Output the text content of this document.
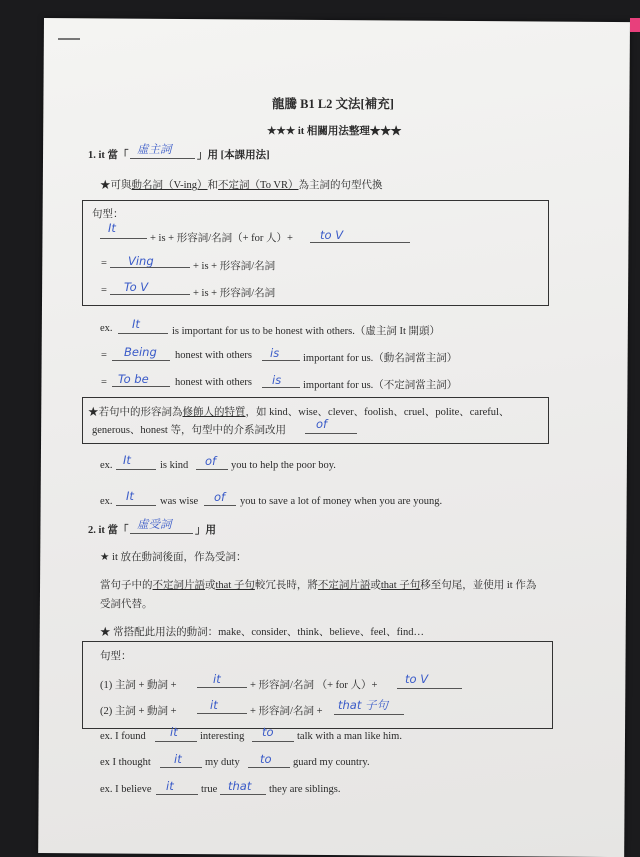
龍騰 B1 L2 文法[補充]
★★★ it 相關用法整理★★★
1. it 當「 虛主詞 」用 [本課用法]
★可與動名詞（V-ing）和不定詞（To VR）為主詞的句型代換
句型：
It
+ is + 形容詞/名詞（+ for 人）+ to V
= Ving	+ is + 形容詞/名詞
= To V	+ is + 形容詞/名詞
ex. It
is important for us to be honest with others.（虛主詞 It 開頭）
= Being honest with others is important for us.（動名詞當主詞）
= To be	honest with others is important for us.（不定詞當主詞）
★若句中的形容詞為修飾人的特質，如 kind、wise、clever、foolish、cruel、polite、careful、
generous、honest 等，句型中的介系詞改用	of
ex. It	is kind of you to help the poor boy.
ex. It was wise of you to save a lot of money when you are young.
2. it 當「 虛受詞 」用
★ it 放在動詞後面，作為受詞：
當句子中的不定詞片語或that 子句較冗長時，將不定詞片語或that 子句移至句尾，並使用 it 作為
受詞代替。
★ 常搭配此用法的動詞：make、consider、think、believe、feel、find…
句型：
(1) 主詞 + 動詞 +	it	+ 形容詞/名詞 （+ for 人）+ to V
(2) 主詞 + 動詞 +	it	+ 形容詞/名詞 + that 子句
ex. I found it interesting to talk with a man like him.
ex I thought it my duty to guard my country.
ex. I believe it	true that they are siblings.
